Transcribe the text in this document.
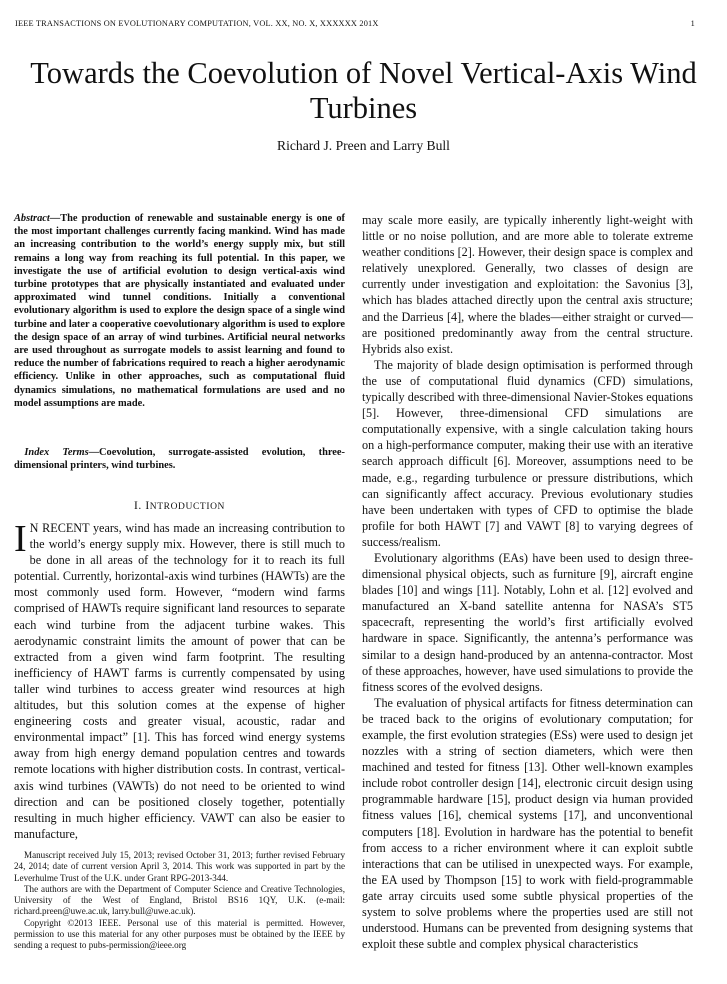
IEEE TRANSACTIONS ON EVOLUTIONARY COMPUTATION, VOL. XX, NO. X, XXXXXX 201X	1
Towards the Coevolution of Novel Vertical-Axis Wind Turbines
Richard J. Preen and Larry Bull

Abstract—The production of renewable and sustainable energy is one of the most important challenges currently facing mankind. Wind has made an increasing contribution to the world’s energy supply mix, but still remains a long way from reaching its full potential. In this paper, we investigate the use of artificial evolution to design vertical-axis wind turbine prototypes that are physically instantiated and evaluated under approximated wind tunnel conditions. Initially a conventional evolutionary algorithm is used to explore the design space of a single wind turbine and later a cooperative coevolutionary algorithm is used to explore the design space of an array of wind turbines. Artificial neural networks are used throughout as surrogate models to assist learning and found to reduce the number of fabrications required to reach a higher aerodynamic efficiency. Unlike in other approaches, such as computational fluid dynamics simulations, no mathematical formulations are used and no model assumptions are made.

 Index Terms—Coevolution, surrogate-assisted evolution, three-dimensional printers, wind turbines.

I. INTRODUCTION
I N RECENT years, wind has made an increasing contribution to the world’s energy supply mix. However, there is still much to be done in all areas of the technology for it to reach its full potential. Currently, horizontal-axis wind turbines (HAWTs) are the most commonly used form. However, “modern wind farms comprised of HAWTs require significant land resources to separate each wind turbine from the adjacent turbine wakes. This aerodynamic constraint limits the amount of power that can be extracted from a given wind farm footprint. The resulting inefficiency of HAWT farms is currently compensated by using taller wind turbines to access greater wind resources at high altitudes, but this solution comes at the expense of higher engineering costs and greater visual, acoustic, radar and environmental impact” [1]. This has forced wind energy systems away from high energy demand population centres and towards remote locations with higher distribution costs. In contrast, vertical-axis wind turbines (VAWTs) do not need to be oriented to wind direction and can be positioned closely together, potentially resulting in much higher efficiency. VAWT can also be easier to manufacture,

Manuscript received July 15, 2013; revised October 31, 2013; further revised February 24, 2014; date of current version April 3, 2014. This work was supported in part by the Leverhulme Trust of the U.K. under Grant RPG-2013-344.

The authors are with the Department of Computer Science and Creative Technologies, University of the West of England, Bristol BS16 1QY, U.K. (e-mail: richard.preen@uwe.ac.uk, larry.bull@uwe.ac.uk).

Copyright ©2013 IEEE. Personal use of this material is permitted. However, permission to use this material for any other purposes must be obtained by the IEEE by sending a request to pubs-permission@ieee.org

may scale more easily, are typically inherently light-weight with little or no noise pollution, and are more able to tolerate extreme weather conditions [2]. However, their design space is complex and relatively unexplored. Generally, two classes of design are currently under investigation and exploitation: the Savonius [3], which has blades attached directly upon the central axis structure; and the Darrieus [4], where the blades—either straight or curved—are positioned predominantly away from the central structure. Hybrids also exist.

The majority of blade design optimisation is performed through the use of computational fluid dynamics (CFD) simulations, typically described with three-dimensional Navier-Stokes equations [5]. However, three-dimensional CFD simulations are computationally expensive, with a single calculation taking hours on a high-performance computer, making their use with an iterative search approach difficult [6]. Moreover, assumptions need to be made, e.g., regarding turbulence or pressure distributions, which can significantly affect accuracy. Previous evolutionary studies have been undertaken with types of CFD to optimise the blade profile for both HAWT [7] and VAWT [8] to varying degrees of success/realism.

Evolutionary algorithms (EAs) have been used to design three-dimensional physical objects, such as furniture [9], aircraft engine blades [10] and wings [11]. Notably, Lohn et al. [12] evolved and manufactured an X-band satellite antenna for NASA’s ST5 spacecraft, representing the world’s first artificially evolved hardware in space. Significantly, the antenna’s performance was similar to a design hand-produced by an antenna-contractor. Most of these approaches, however, have used simulations to provide the fitness scores of the evolved designs.

The evaluation of physical artifacts for fitness determination can be traced back to the origins of evolutionary computation; for example, the first evolution strategies (ESs) were used to design jet nozzles with a string of section diameters, which were then machined and tested for fitness [13]. Other well-known examples include robot controller design [14], electronic circuit design using programmable hardware [15], product design via human provided fitness values [16], chemical systems [17], and unconventional computers [18]. Evolution in hardware has the potential to benefit from access to a richer environment where it can exploit subtle interactions that can be utilised in unexpected ways. For example, the EA used by Thompson [15] to work with field-programmable gate array circuits used some subtle physical properties of the system to solve problems where the properties used are still not understood. Humans can be prevented from designing systems that exploit these subtle and complex physical characteristics
